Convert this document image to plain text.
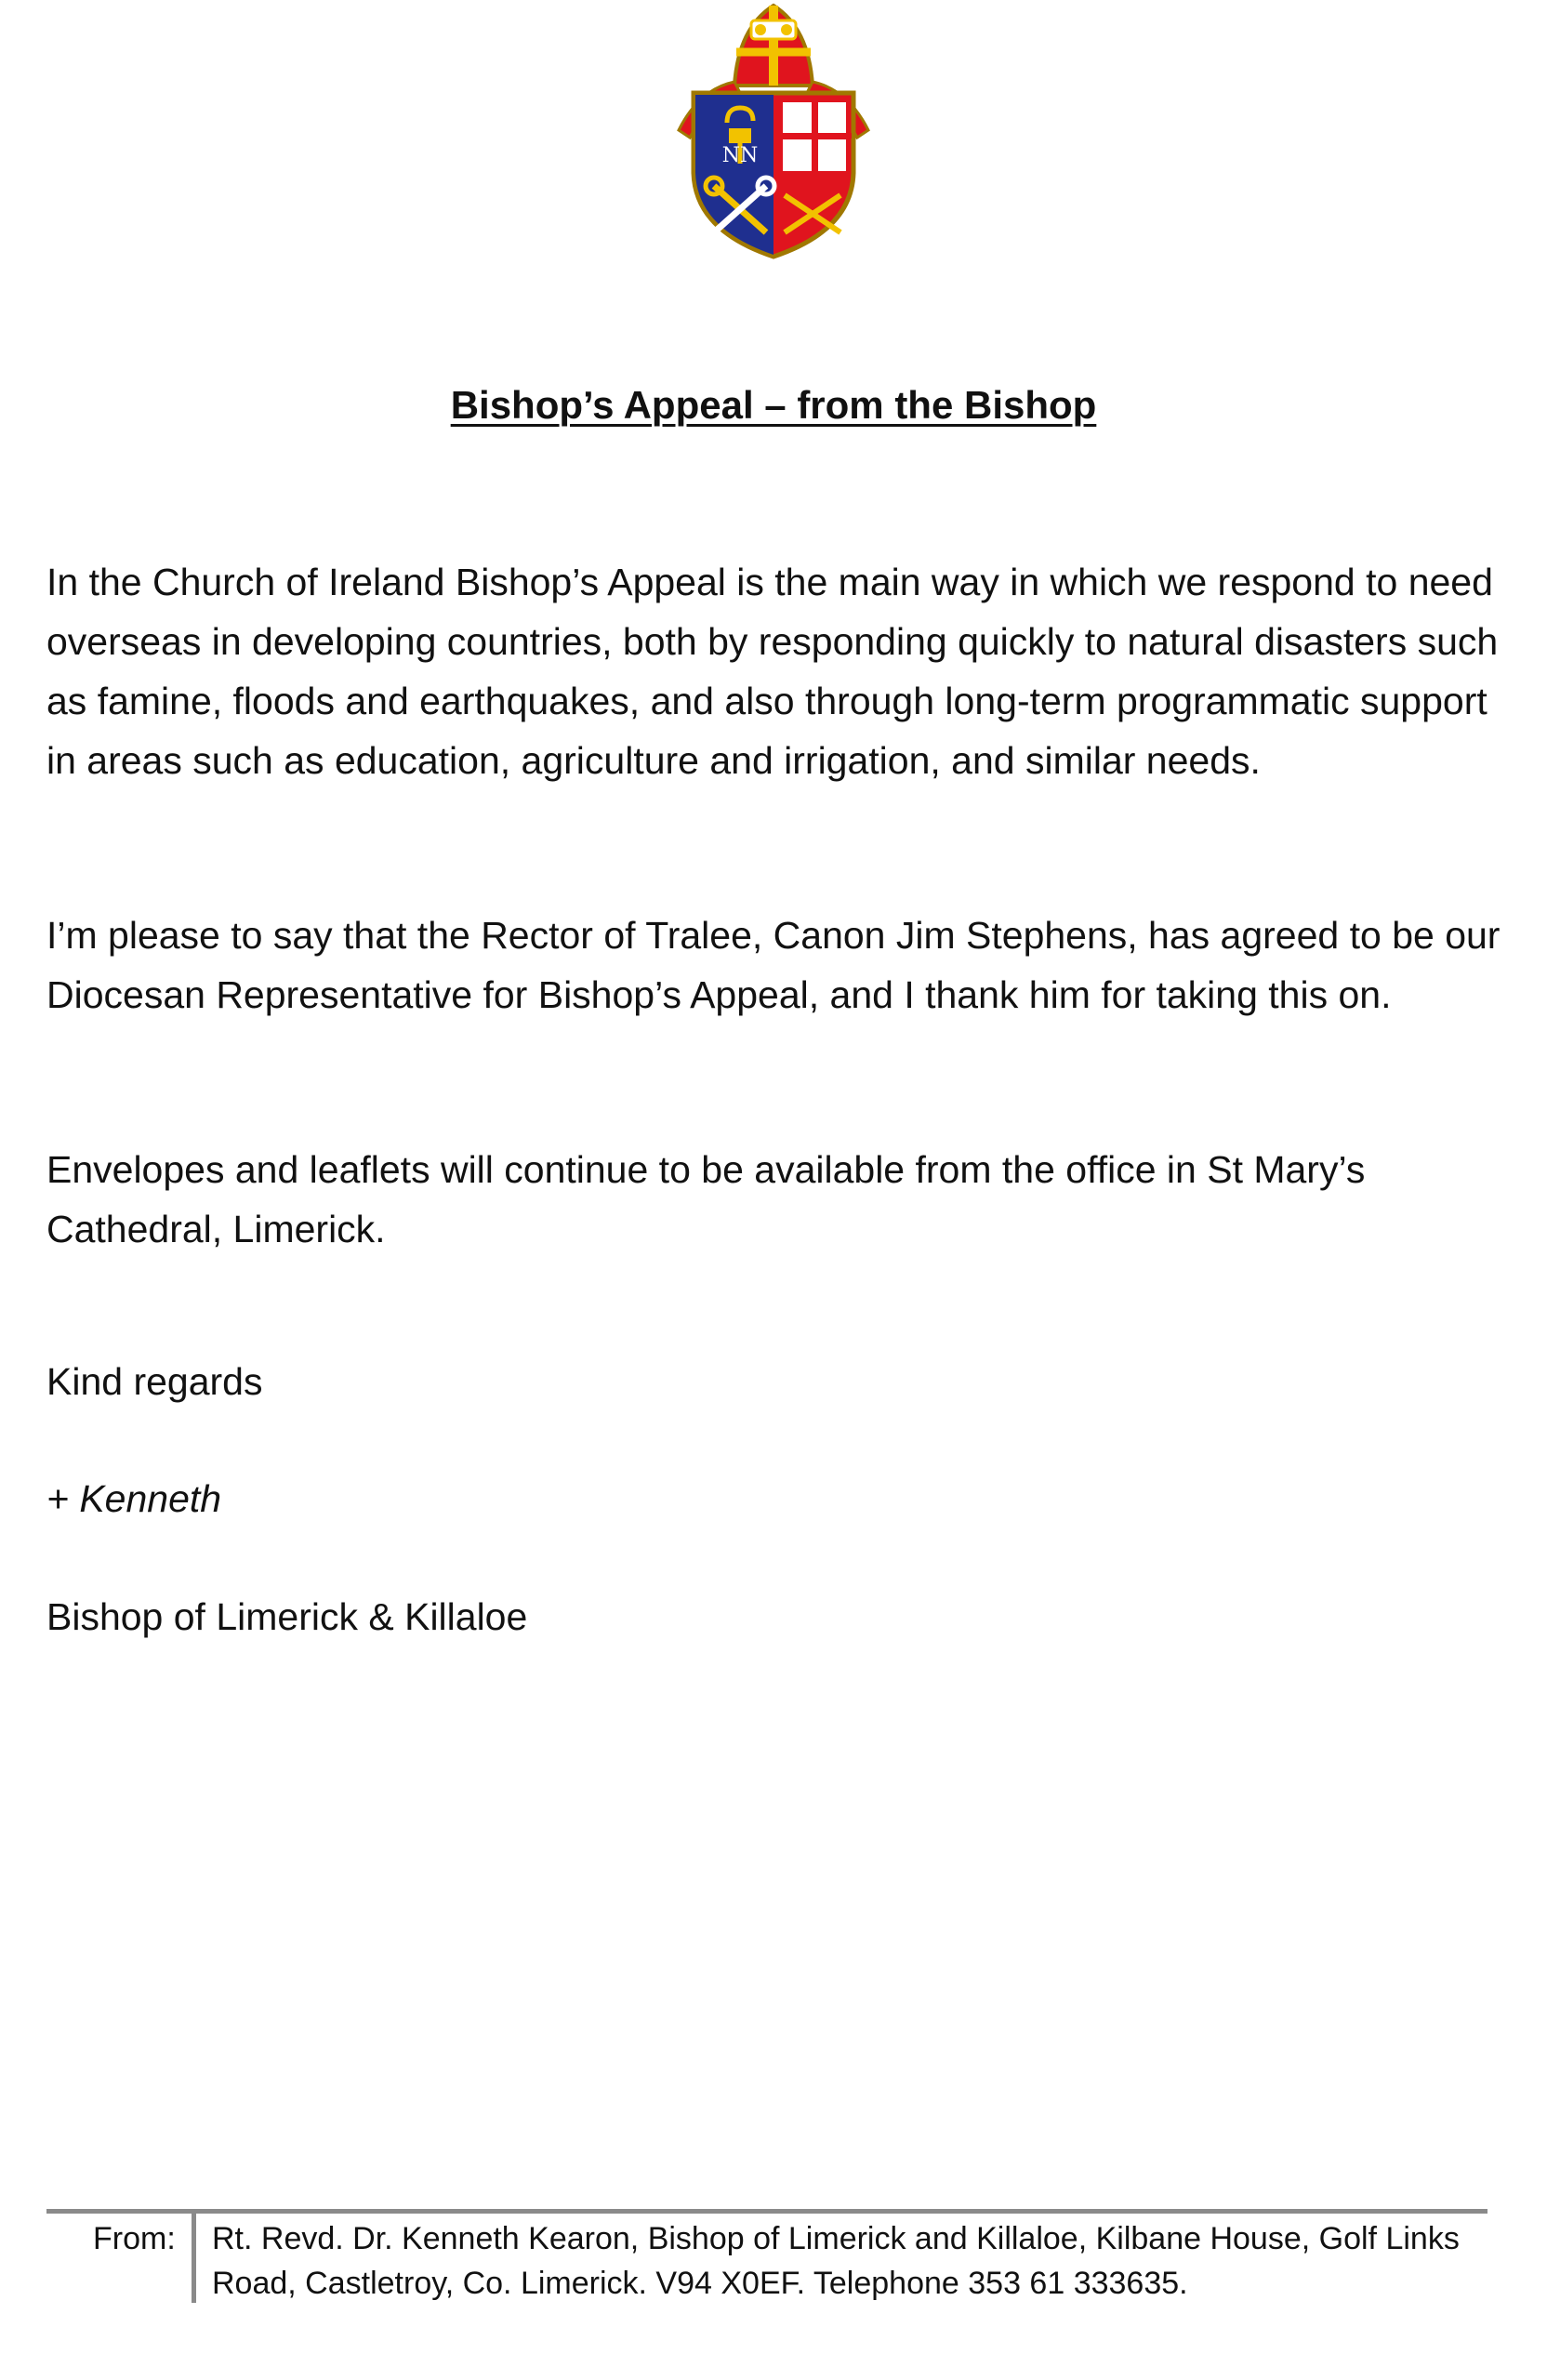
NN
Bishop’s Appeal – from the Bishop

In the Church of Ireland Bishop’s Appeal is the main way in which we respond to need overseas in developing countries, both by responding quickly to natural disasters such as famine, floods and earthquakes, and also through long-term programmatic support in areas such as education, agriculture and irrigation, and similar needs.

I’m please to say that the Rector of Tralee, Canon Jim Stephens, has agreed to be our Diocesan Representative for Bishop’s Appeal, and I thank him for taking this on.

Envelopes and leaflets will continue to be available from the office in St Mary’s Cathedral, Limerick.

Kind regards

+ Kenneth

Bishop of Limerick & Killaloe

From: Rt. Revd. Dr. Kenneth Kearon, Bishop of Limerick and Killaloe, Kilbane House, Golf Links Road, Castletroy, Co. Limerick. V94 X0EF. Telephone 353 61 333635.
